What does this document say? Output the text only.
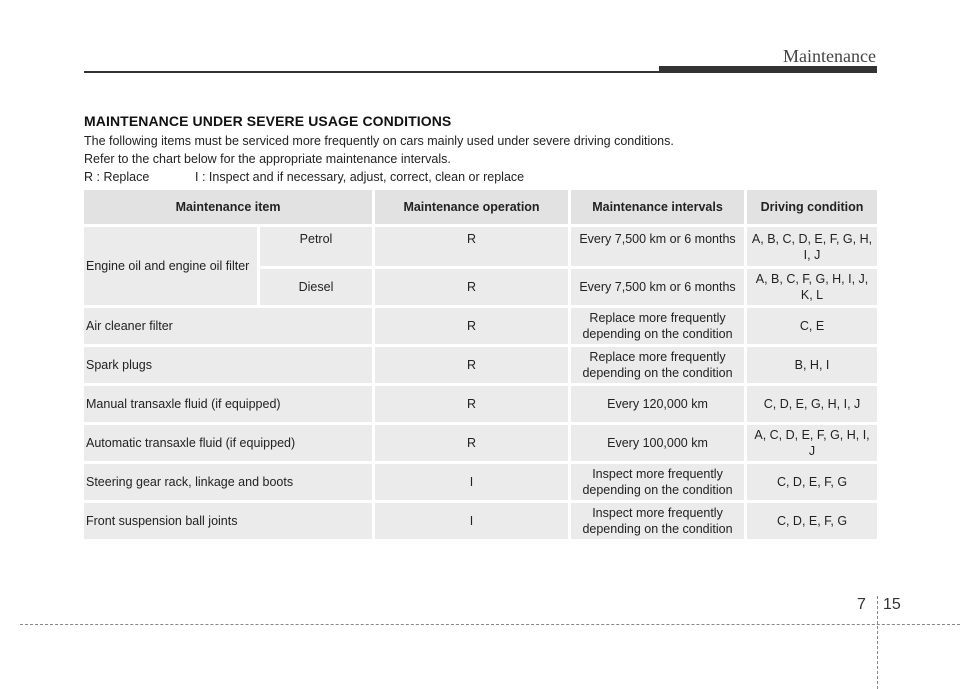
Maintenance
MAINTENANCE UNDER SEVERE USAGE CONDITIONS
The following items must be serviced more frequently on cars mainly used under severe driving conditions.
Refer to the chart below for the appropriate maintenance intervals.
R : Replace	I : Inspect and if necessary, adjust, correct, clean or replace
Maintenance item		Maintenance operation	Maintenance intervals	Driving condition
Engine oil and engine oil filter	Petrol	R	Every 7,500 km or 6 months	A, B, C, D, E, F, G, H, I, J
	Diesel	R	Every 7,500 km or 6 months	A, B, C, F, G, H, I, J, K, L
Air cleaner filter		R	Replace more frequently depending on the condition	C, E
Spark plugs		R	Replace more frequently depending on the condition	B, H, I
Manual transaxle fluid (if equipped)		R	Every 120,000 km	C, D, E, G, H, I, J
Automatic transaxle fluid (if equipped)		R	Every 100,000 km	A, C, D, E, F, G, H, I, J
Steering gear rack, linkage and boots		I	Inspect more frequently depending on the condition	C, D, E, F, G
Front suspension ball joints		I	Inspect more frequently depending on the condition	C, D, E, F, G
7 15
